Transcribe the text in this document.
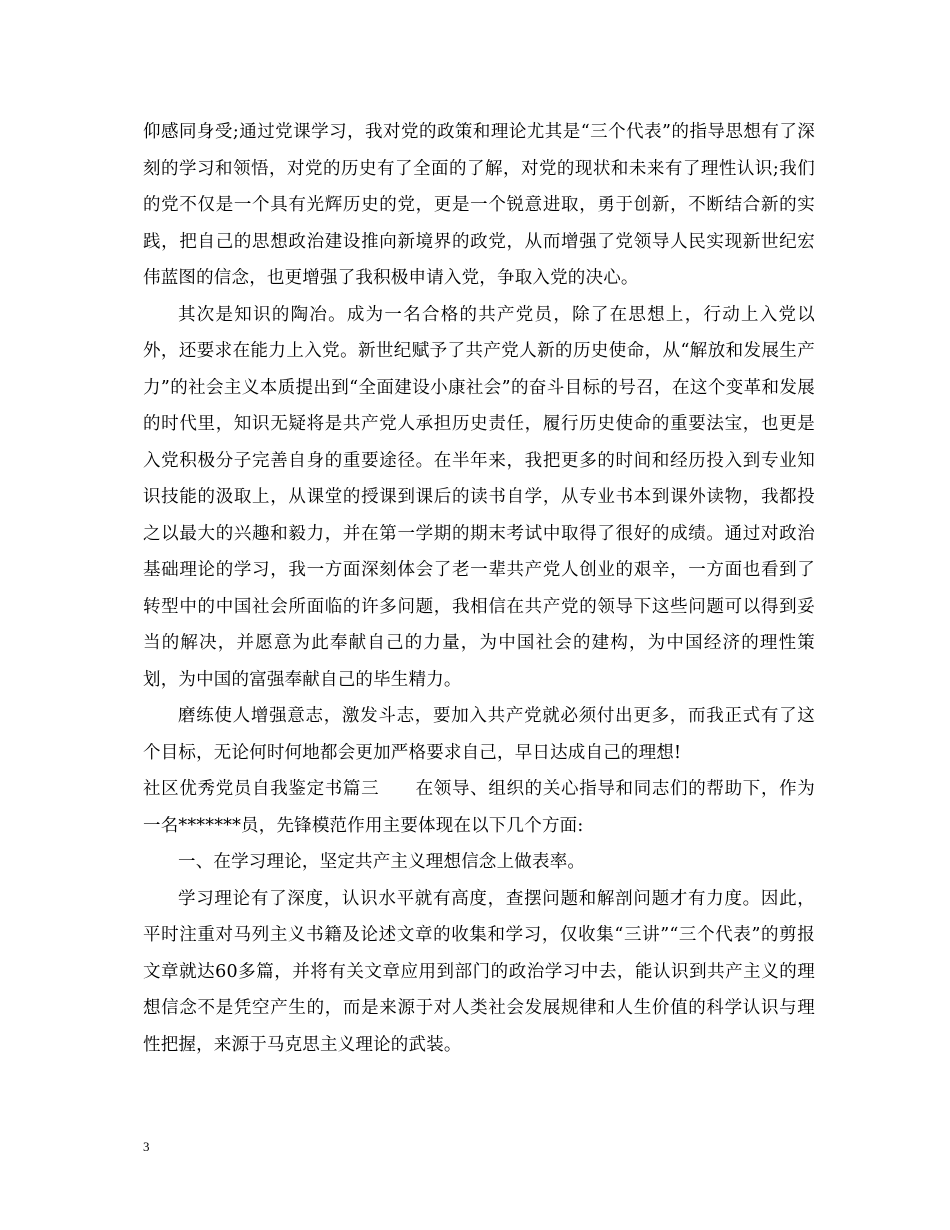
仰感同身受;通过党课学习，我对党的政策和理论尤其是“三个代表”的指导思想有了深刻的学习和领悟，对党的历史有了全面的了解，对党的现状和未来有了理性认识;我们的党不仅是一个具有光辉历史的党，更是一个锐意进取，勇于创新，不断结合新的实践，把自己的思想政治建设推向新境界的政党，从而增强了党领导人民实现新世纪宏伟蓝图的信念，也更增强了我积极申请入党，争取入党的决心。

其次是知识的陶冶。成为一名合格的共产党员，除了在思想上，行动上入党以外，还要求在能力上入党。新世纪赋予了共产党人新的历史使命，从“解放和发展生产力”的社会主义本质提出到“全面建设小康社会”的奋斗目标的号召，在这个变革和发展的时代里，知识无疑将是共产党人承担历史责任，履行历史使命的重要法宝，也更是入党积极分子完善自身的重要途径。在半年来，我把更多的时间和经历投入到专业知识技能的汲取上，从课堂的授课到课后的读书自学，从专业书本到课外读物，我都投之以最大的兴趣和毅力，并在第一学期的期末考试中取得了很好的成绩。通过对政治基础理论的学习，我一方面深刻体会了老一辈共产党人创业的艰辛，一方面也看到了转型中的中国社会所面临的许多问题，我相信在共产党的领导下这些问题可以得到妥当的解决，并愿意为此奉献自己的力量，为中国社会的建构，为中国经济的理性策划，为中国的富强奉献自己的毕生精力。

磨练使人增强意志，激发斗志，要加入共产党就必须付出更多，而我正式有了这个目标，无论何时何地都会更加严格要求自己，早日达成自己的理想!

社区优秀党员自我鉴定书篇三　　在领导、组织的关心指导和同志们的帮助下，作为一名*******员，先锋模范作用主要体现在以下几个方面:

一、在学习理论，坚定共产主义理想信念上做表率。

学习理论有了深度，认识水平就有高度，查摆问题和解剖问题才有力度。因此，平时注重对马列主义书籍及论述文章的收集和学习，仅收集“三讲”“三个代表”的剪报文章就达60多篇，并将有关文章应用到部门的政治学习中去，能认识到共产主义的理想信念不是凭空产生的，而是来源于对人类社会发展规律和人生价值的科学认识与理性把握，来源于马克思主义理论的武装。

3
